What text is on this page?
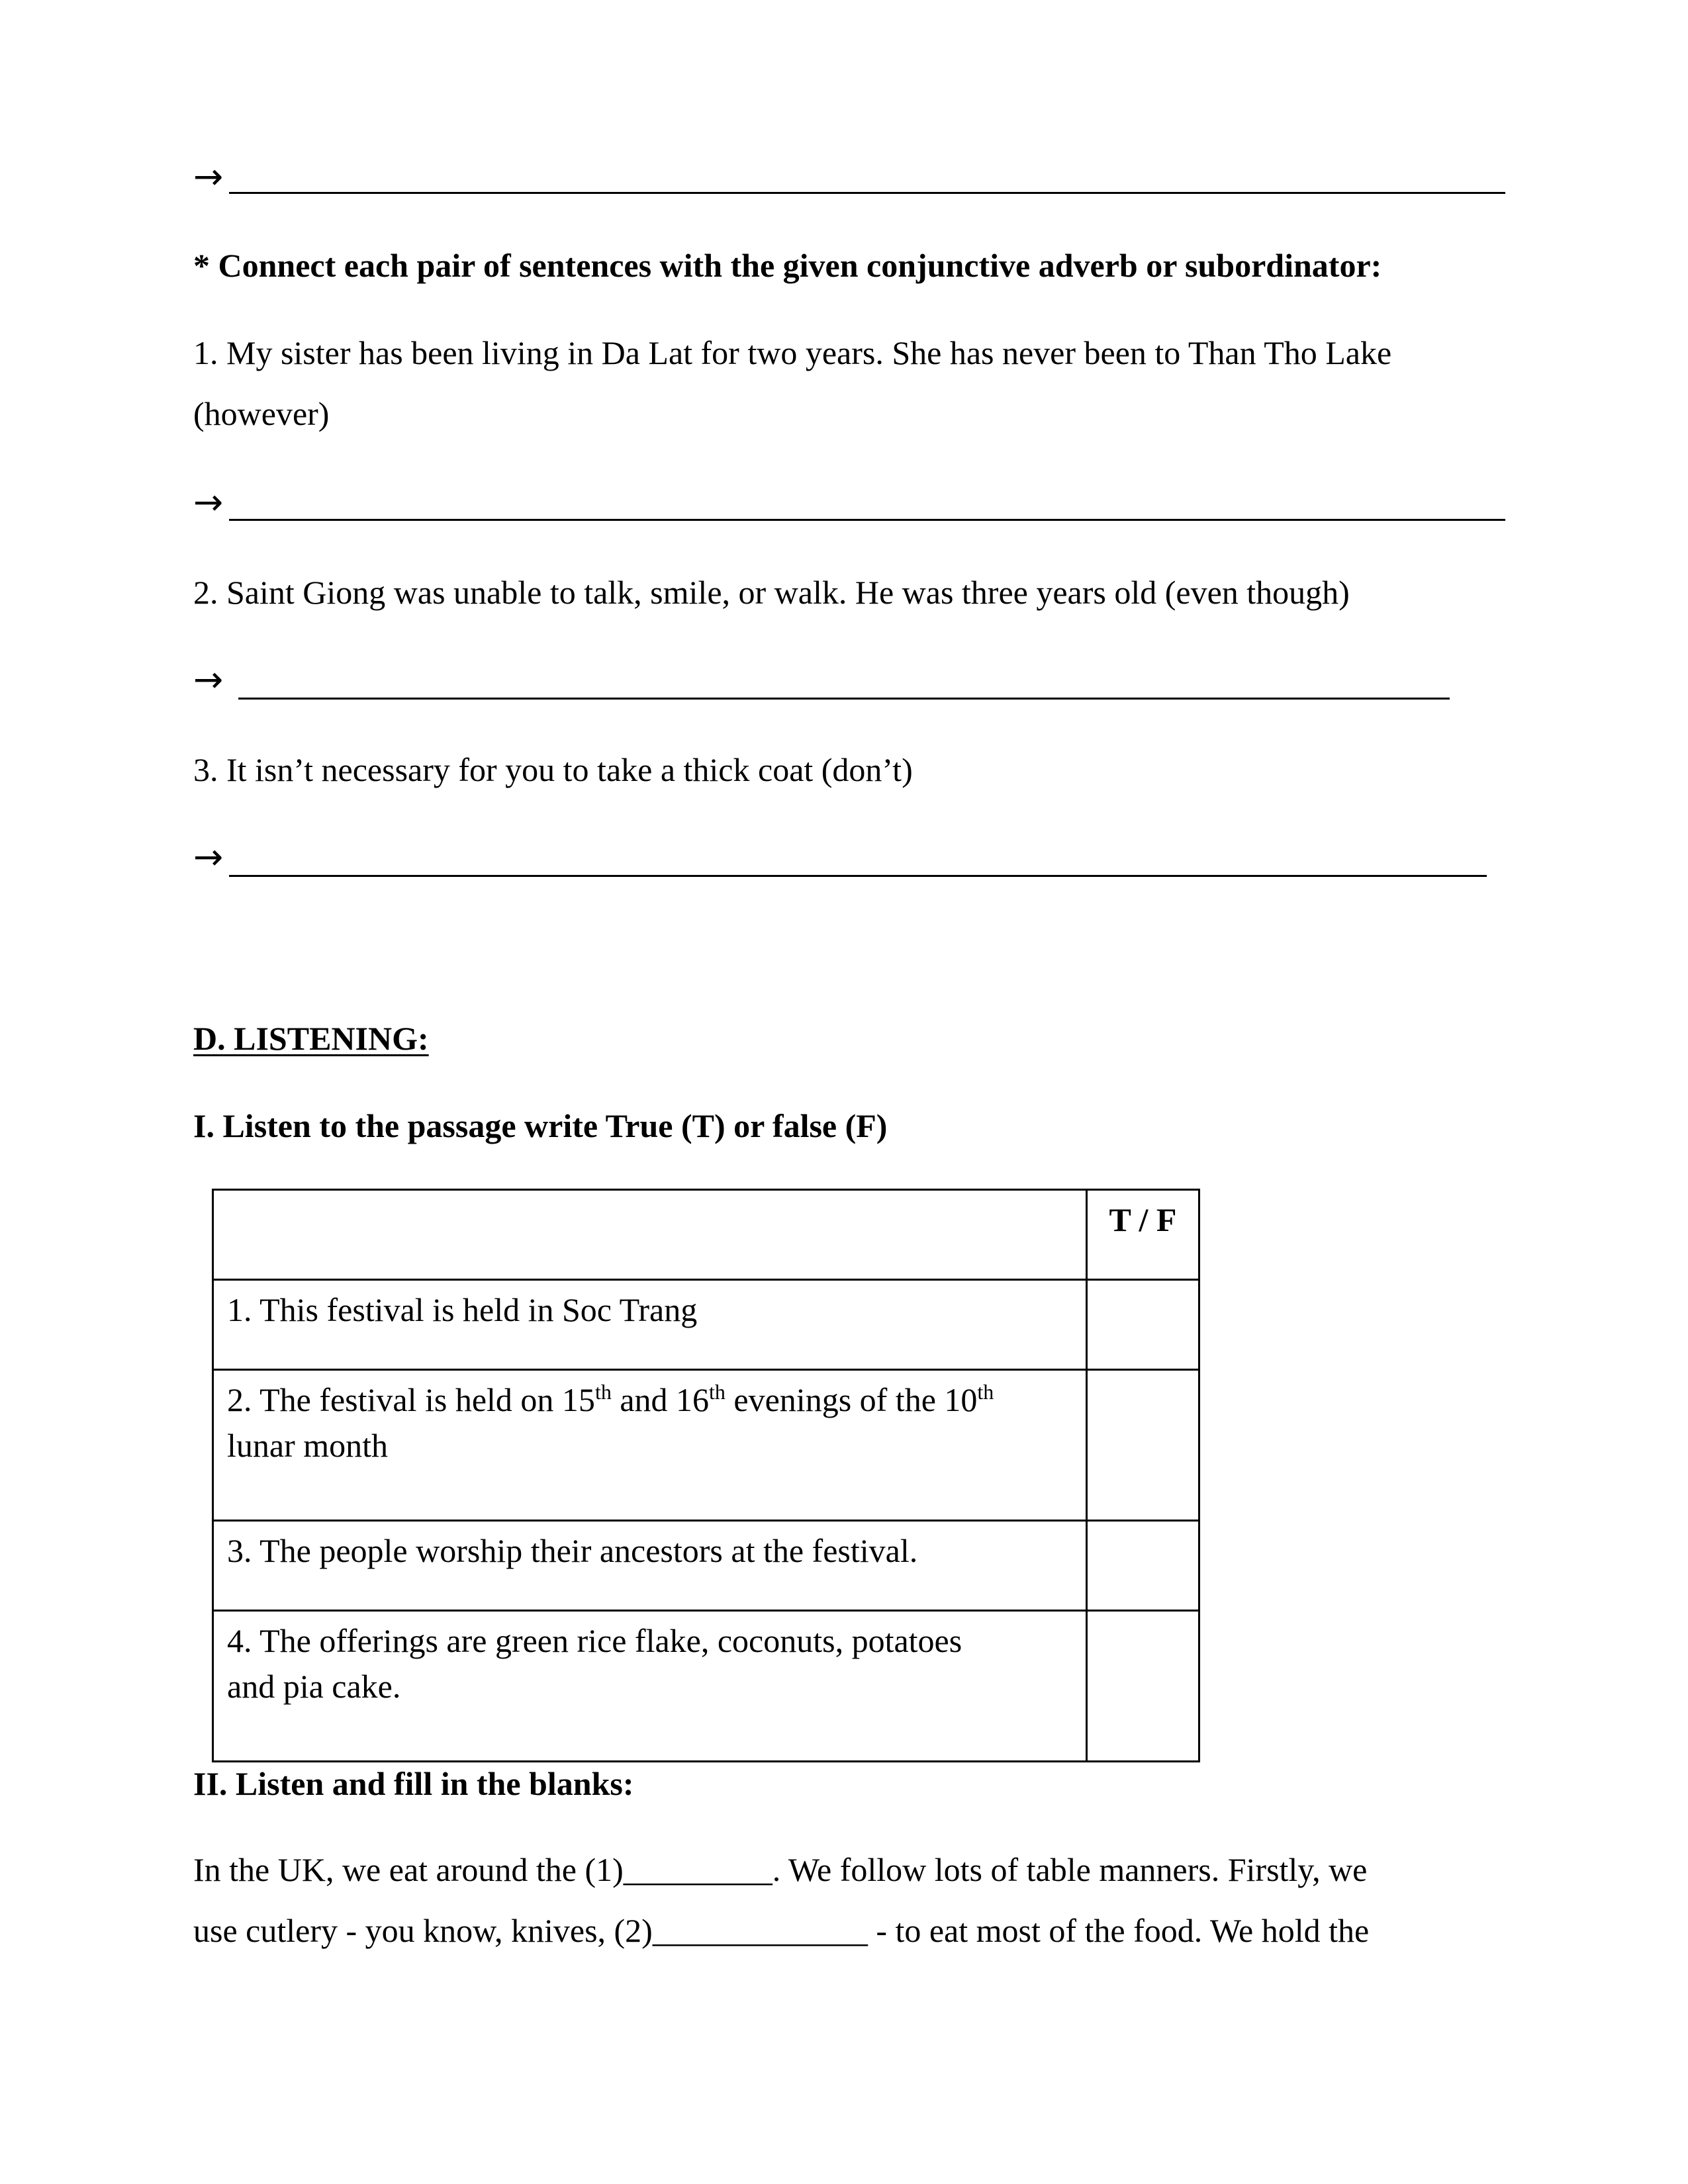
→
* Connect each pair of sentences with the given conjunctive adverb or subordinator:
1. My sister has been living in Da Lat for two years. She has never been to Than Tho Lake
(however)
→
2. Saint Giong was unable to talk, smile, or walk. He was three years old (even though)
→
3. It isn’t necessary for you to take a thick coat (don’t)
→
D. LISTENING:
I. Listen to the passage write True (T) or false (F)
	T / F
1. This festival is held in Soc Trang	

2. The festival is held on 15th and 16th evenings of the 10th
lunar month	

3. The people worship their ancestors at the festival.	

4. The offerings are green rice flake, coconuts, potatoes
and pia cake.	

II. Listen and fill in the blanks:
In the UK, we eat around the (1)_________. We follow lots of table manners. Firstly, we
use cutlery - you know, knives, (2)_____________ - to eat most of the food. We hold the
